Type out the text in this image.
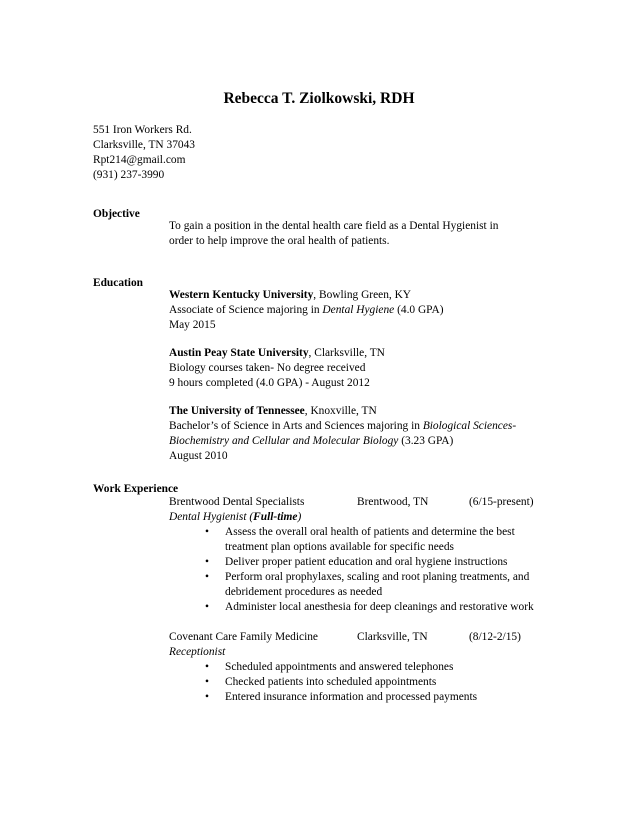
Rebecca T. Ziolkowski, RDH
551 Iron Workers Rd.
Clarksville, TN 37043
Rpt214@gmail.com
(931) 237-3990
Objective
To gain a position in the dental health care field as a Dental Hygienist in
order to help improve the oral health of patients.
Education
Western Kentucky University, Bowling Green, KY
Associate of Science majoring in Dental Hygiene (4.0 GPA)
May 2015
Austin Peay State University, Clarksville, TN
Biology courses taken- No degree received
9 hours completed (4.0 GPA) - August 2012
The University of Tennessee, Knoxville, TN
Bachelor’s of Science in Arts and Sciences majoring in Biological Sciences-
Biochemistry and Cellular and Molecular Biology (3.23 GPA)
August 2010
Work Experience
Brentwood Dental Specialists	Brentwood, TN	(6/15-present)
Dental Hygienist (Full-time)
• Assess the overall oral health of patients and determine the best treatment plan options available for specific needs
• Deliver proper patient education and oral hygiene instructions
• Perform oral prophylaxes, scaling and root planing treatments, and debridement procedures as needed
• Administer local anesthesia for deep cleanings and restorative work
Covenant Care Family Medicine	Clarksville, TN	(8/12-2/15)
Receptionist
• Scheduled appointments and answered telephones
• Checked patients into scheduled appointments
• Entered insurance information and processed payments
